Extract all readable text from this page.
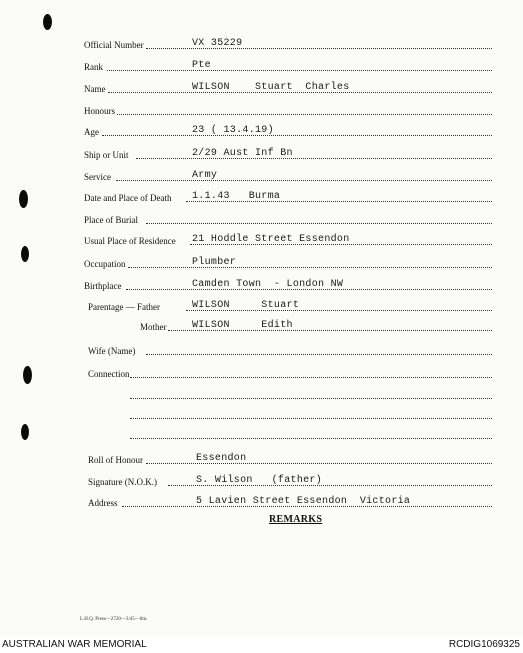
Official Number	VX 35229
Rank	Pte
Name	WILSON    Stuart  Charles
Honours
Age	23 ( 13.4.19)
Ship or Unit	2/29 Aust Inf Bn
Service	Army
Date and Place of Death 1.1.43   Burma
Place of Burial
Usual Place of Residence 21 Hoddle Street Essendon
Occupation	Plumber
Birthplace	Camden Town  - London NW
Parentage — Father	WILSON     Stuart
Mother	WILSON     Edith
Wife (Name)
Connection
Roll of Honour	Essendon
Signature (N.O.K.)	S. Wilson   (father)
Address	5 Lavien Street Essendon  Victoria
REMARKS
L.H.Q. Press—2720—3/45—6m.
AUSTRALIAN WAR MEMORIAL	RCDIG1069325
